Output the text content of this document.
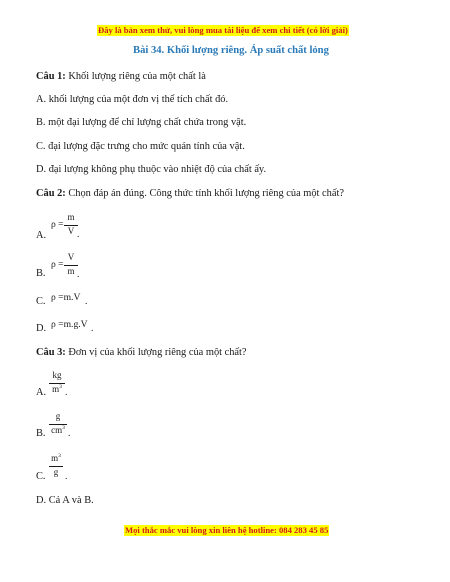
Đây là bản xem thử, vui lòng mua tài liệu để xem chi tiết (có lời giải)
Bài 34. Khối lượng riêng. Áp suất chất lỏng
Câu 1: Khối lượng riêng của một chất là
A. khối lượng của một đơn vị thể tích chất đó.
B. một đại lượng để chỉ lượng chất chứa trong vật.
C. đại lượng đặc trưng cho mức quán tính của vật.
D. đại lượng không phụ thuộc vào nhiệt độ của chất ấy.
Câu 2: Chọn đáp án đúng. Công thức tính khối lượng riêng của một chất?
A.
ρ =
m
V .
B.
ρ =
V
m .
C. ρ =m.V .
D. ρ =m.g.V .
Câu 3: Đơn vị của khối lượng riêng của một chất?
A.
kg
$m^3$ .
B.
g
$cm^3$ .
C.
$m^3$
g .
D. Cả A và B.
Mọi thắc mắc vui lòng xin liên hệ hotline: 084 283 45 85
